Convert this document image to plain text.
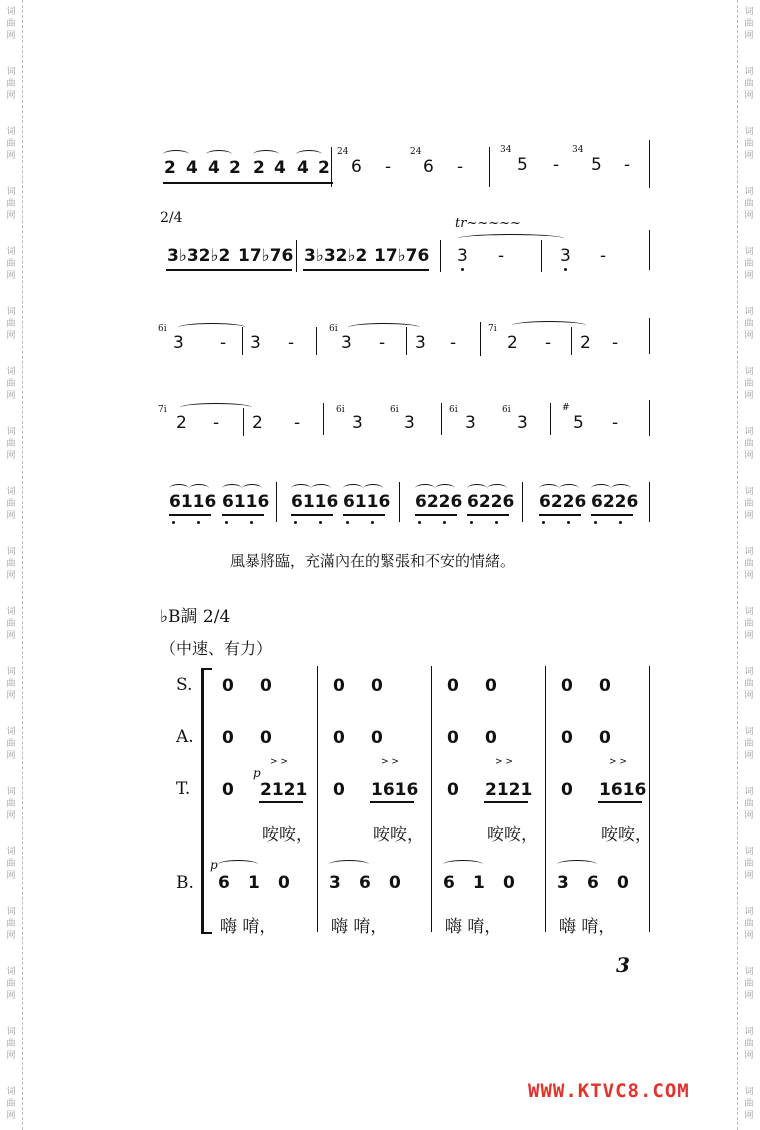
词
曲
网
词
曲
网
词
曲
网
词
曲
网
词
曲
网
词
曲
网
词
曲
网
词
曲
网
词
曲
网
词
曲
网
词
曲
网
词
曲
网
词
曲
网
词
曲
网
词
曲
网
词
曲
网
词
曲
网
词
曲
网
词
曲
网
词
曲
网
词
曲
网
词
曲
网
词
曲
网
词
曲
网
词
曲
网
词
曲
网
词
曲
网
词
曲
网
词
曲
网
词
曲
网
词
曲
网
词
曲
网
词
曲
网
词
曲
网
词
曲
网
词
曲
网
词
曲
网
词
曲
网
2 4 4 2 2 4 4 2
24
6 -
24
6 -
34
5 -
34
5 -
2/4	tr~~~~~
3♭32♭2 17♭76 3♭32♭2 17♭76 3 -	3 -
6i
3 - 3 -
6i
3 - 3 -
7i
2 - 2 -
7i
2 - 2 -
6i
3
6i
3
6i
3
6i
3
#
5 -
6116 6116 6116 6116 6226 6226 6226 6226
風暴將臨，充滿內在的緊張和不安的情緒。
♭B調 2/4
（中速、有力）
S.
A.
T.
B.
0 0
0 0
0 2121
> >
咹咹，
6 1 0
嗨 唷，
0 0
0 0
0 1616
> >
咹咹，
3 6 0
嗨 唷，
0 0
0 0
0 2121
> >
咹咹，
6 1 0
嗨 唷，
0 0
0 0
0 1616
> >
咹咹，
3 6 0
嗨 唷，
p
p
3
WWW.KTVC8.COM
